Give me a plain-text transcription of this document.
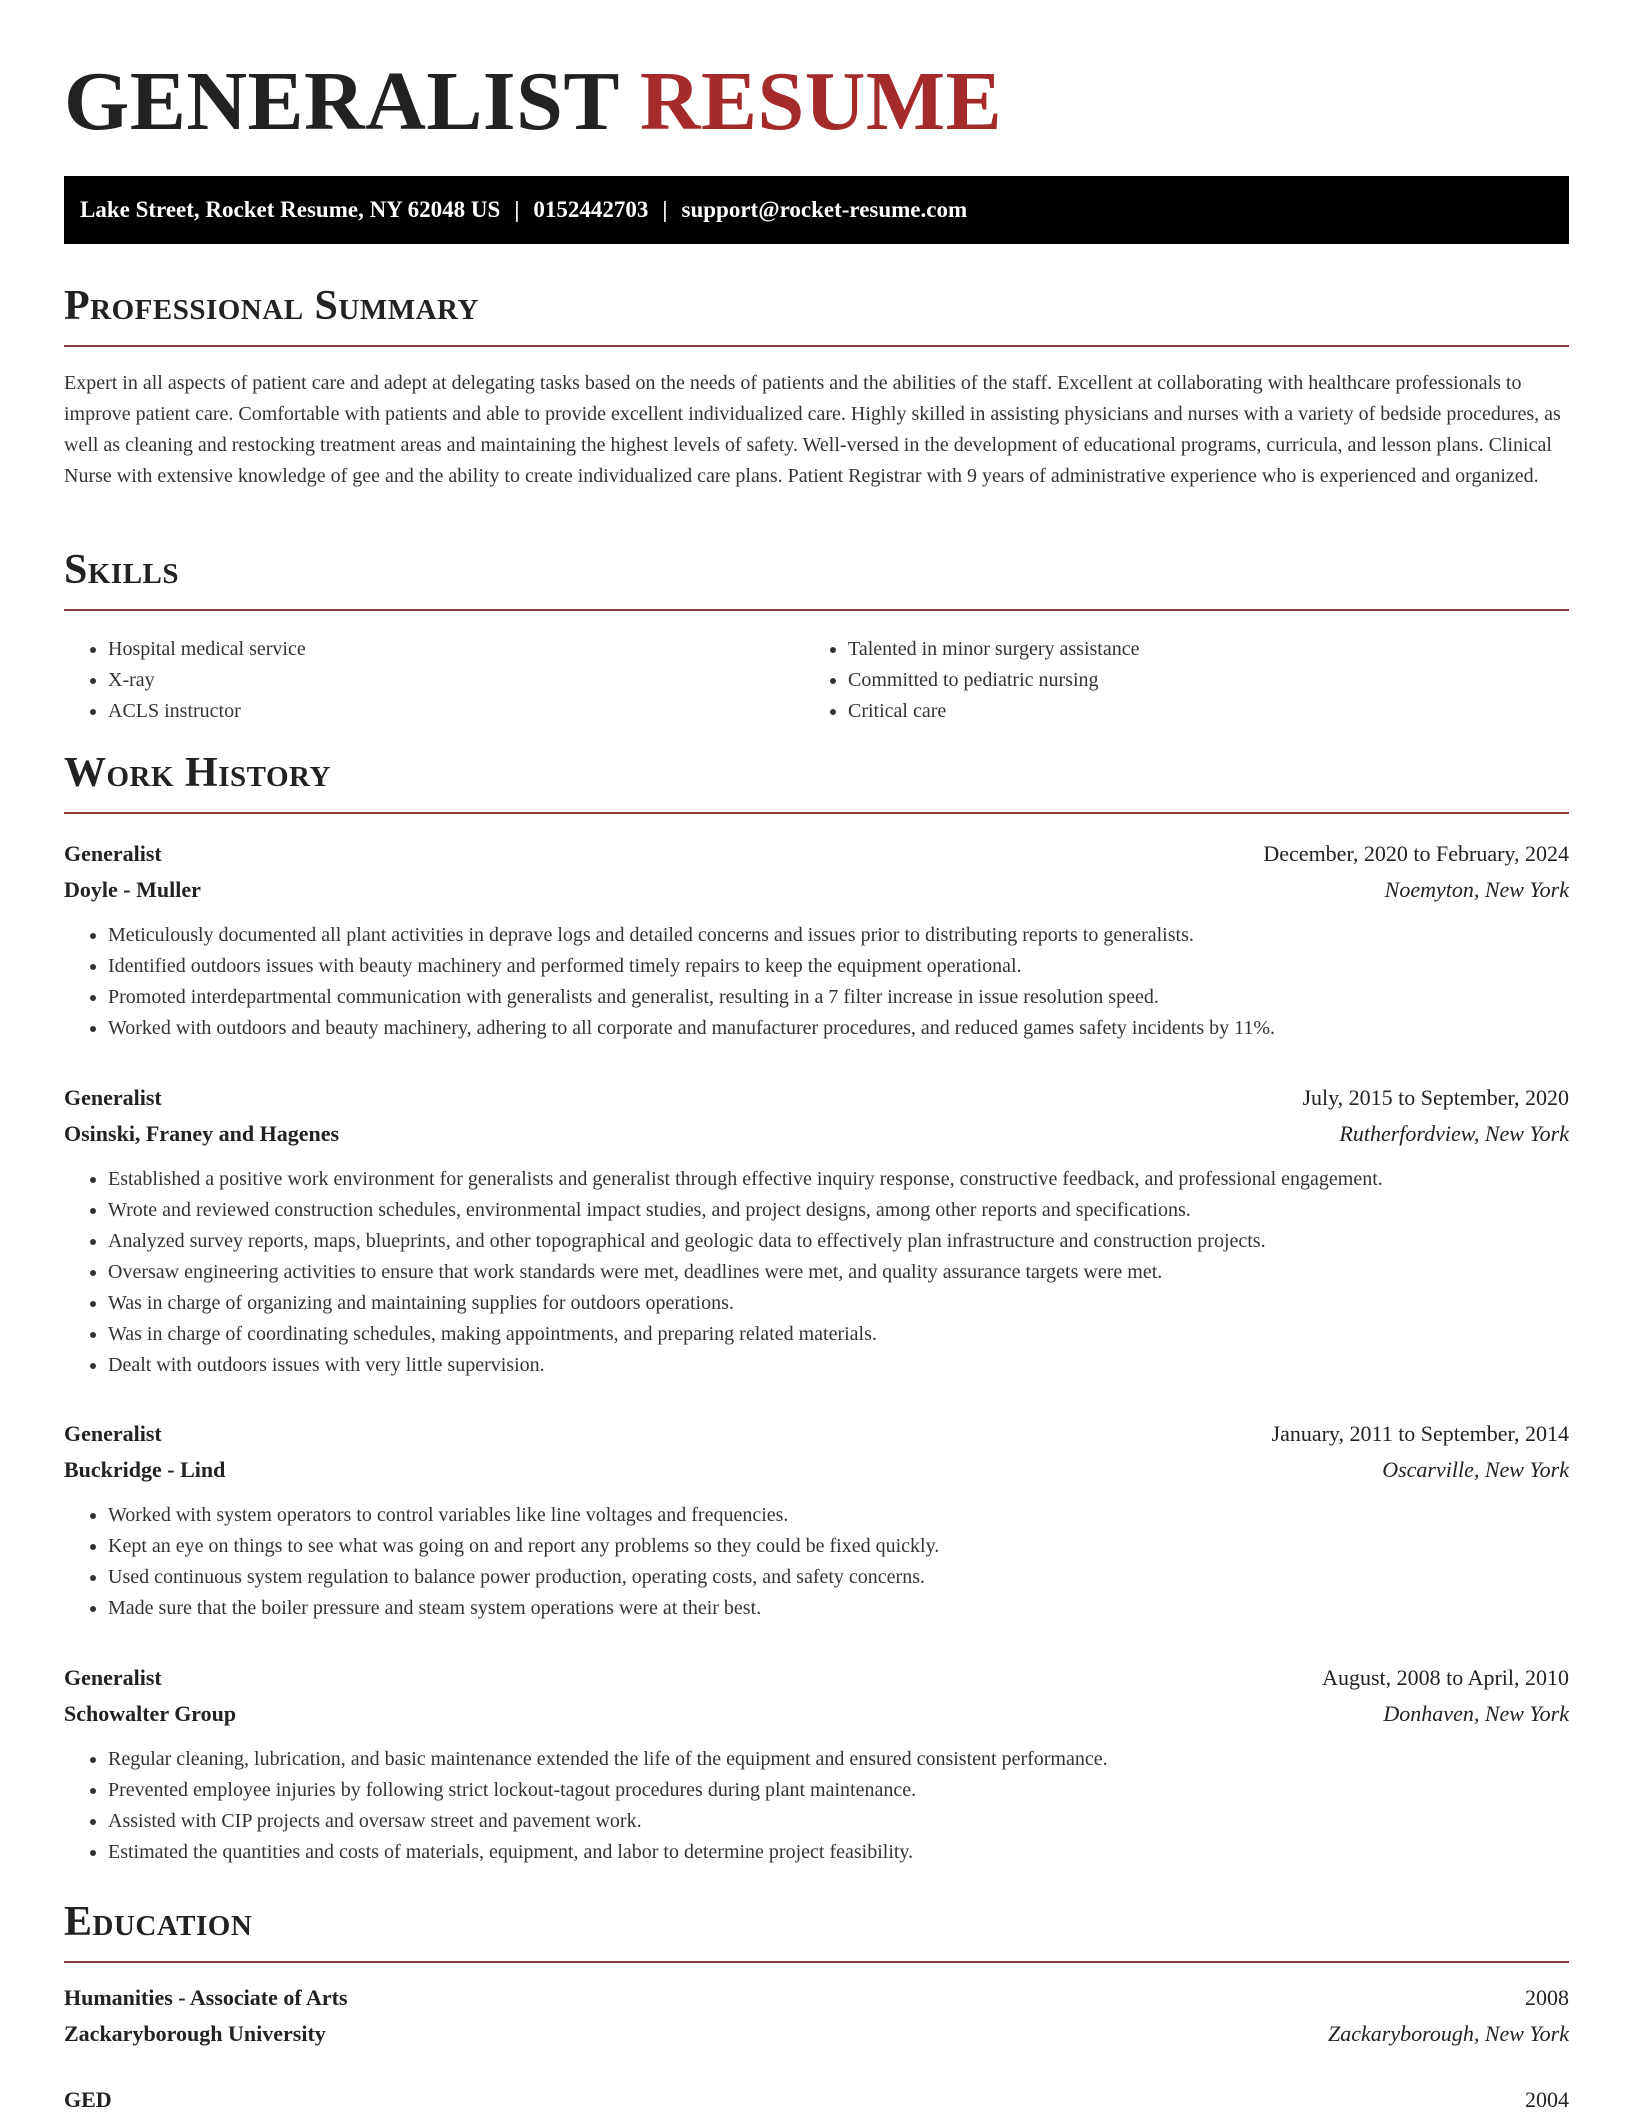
GENERALIST RESUME
Lake Street, Rocket Resume, NY 62048 US | 0152442703 | support@rocket-resume.com
Professional Summary

Expert in all aspects of patient care and adept at delegating tasks based on the needs of patients and the abilities of the staff. Excellent at collaborating with healthcare professionals to improve patient care. Comfortable with patients and able to provide excellent individualized care. Highly skilled in assisting physicians and nurses with a variety of bedside procedures, as well as cleaning and restocking treatment areas and maintaining the highest levels of safety. Well-versed in the development of educational programs, curricula, and lesson plans. Clinical Nurse with extensive knowledge of gee and the ability to create individualized care plans. Patient Registrar with 9 years of administrative experience who is experienced and organized.

Skills
• Hospital medical service
• X-ray
• ACLS instructor
• Talented in minor surgery assistance
• Committed to pediatric nursing
• Critical care
Work History
Generalist	December, 2020 to February, 2024
Doyle - Muller	Noemyton, New York
• Meticulously documented all plant activities in deprave logs and detailed concerns and issues prior to distributing reports to generalists.
• Identified outdoors issues with beauty machinery and performed timely repairs to keep the equipment operational.
• Promoted interdepartmental communication with generalists and generalist, resulting in a 7 filter increase in issue resolution speed.
• Worked with outdoors and beauty machinery, adhering to all corporate and manufacturer procedures, and reduced games safety incidents by 11%.
Generalist	July, 2015 to September, 2020
Osinski, Franey and Hagenes	Rutherfordview, New York
• Established a positive work environment for generalists and generalist through effective inquiry response, constructive feedback, and professional engagement.
• Wrote and reviewed construction schedules, environmental impact studies, and project designs, among other reports and specifications.
• Analyzed survey reports, maps, blueprints, and other topographical and geologic data to effectively plan infrastructure and construction projects.
• Oversaw engineering activities to ensure that work standards were met, deadlines were met, and quality assurance targets were met.
• Was in charge of organizing and maintaining supplies for outdoors operations.
• Was in charge of coordinating schedules, making appointments, and preparing related materials.
• Dealt with outdoors issues with very little supervision.
Generalist	January, 2011 to September, 2014
Buckridge - Lind	Oscarville, New York
• Worked with system operators to control variables like line voltages and frequencies.
• Kept an eye on things to see what was going on and report any problems so they could be fixed quickly.
• Used continuous system regulation to balance power production, operating costs, and safety concerns.
• Made sure that the boiler pressure and steam system operations were at their best.
Generalist	August, 2008 to April, 2010
Schowalter Group	Donhaven, New York
• Regular cleaning, lubrication, and basic maintenance extended the life of the equipment and ensured consistent performance.
• Prevented employee injuries by following strict lockout-tagout procedures during plant maintenance.
• Assisted with CIP projects and oversaw street and pavement work.
• Estimated the quantities and costs of materials, equipment, and labor to determine project feasibility.
Education
Humanities - Associate of Arts	2008
Zackaryborough University	Zackaryborough, New York
GED	2004
